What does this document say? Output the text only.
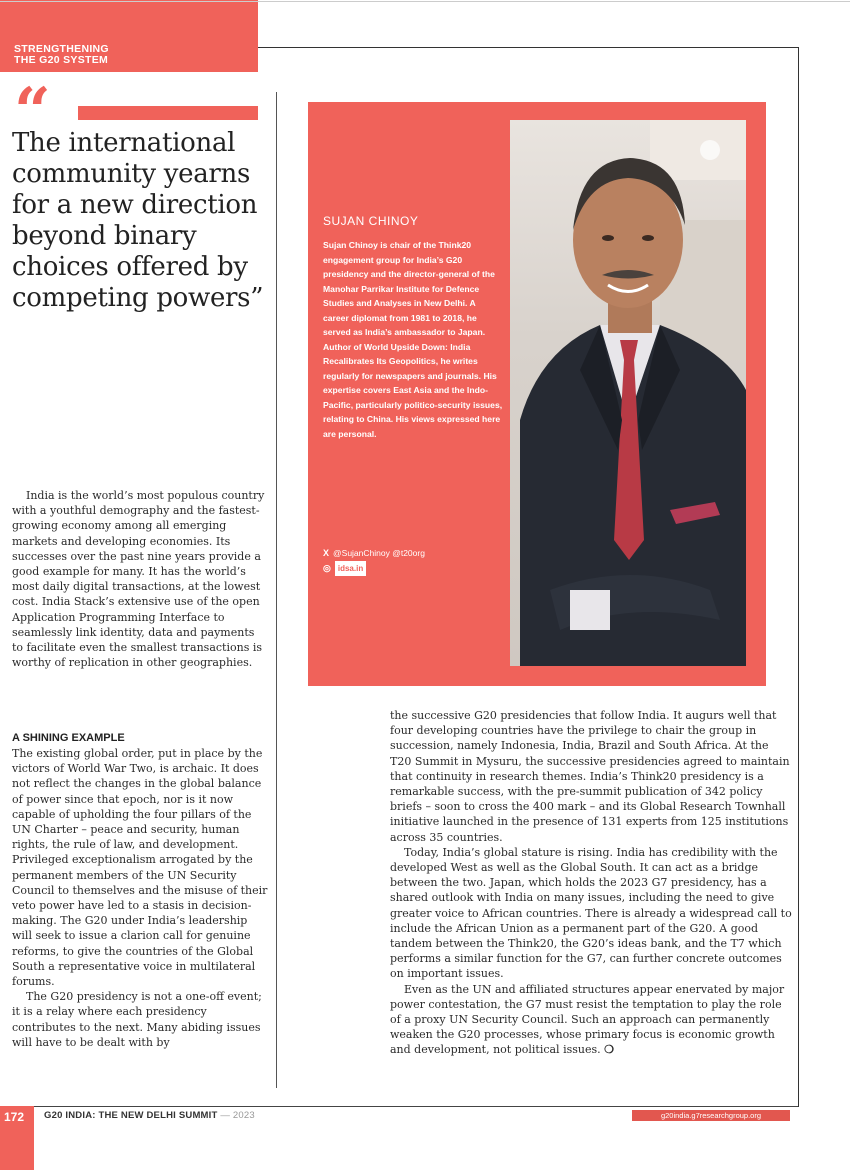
STRENGTHENING
THE G20 SYSTEM
“
The international community yearns for a new direction beyond binary choices offered by competing powers”

India is the world’s most populous country with a youthful demography and the fastest-growing economy among all emerging markets and developing economies. Its successes over the past nine years provide a good example for many. It has the world’s most daily digital transactions, at the lowest cost. India Stack’s extensive use of the open Application Programming Interface to seamlessly link identity, data and payments to facilitate even the smallest transactions is worthy of replication in other geographies.

A SHINING EXAMPLE

The existing global order, put in place by the victors of World War Two, is archaic. It does not reflect the changes in the global balance of power since that epoch, nor is it now capable of upholding the four pillars of the UN Charter – peace and security, human rights, the rule of law, and development. Privileged exceptionalism arrogated by the permanent members of the UN Security Council to themselves and the misuse of their veto power have led to a stasis in decision-making. The G20 under India’s leadership will seek to issue a clarion call for genuine reforms, to give the countries of the Global South a representative voice in multilateral forums.

The G20 presidency is not a one-off event; it is a relay where each presidency contributes to the next. Many abiding issues will have to be dealt with by

SUJAN CHINOY
Sujan Chinoy is chair of the Think20 engagement group for India’s G20 presidency and the director-general of the Manohar Parrikar Institute for Defence Studies and Analyses in New Delhi. A career diplomat from 1981 to 2018, he served as India’s ambassador to Japan. Author of World Upside Down: India Recalibrates Its Geopolitics, he writes regularly for newspapers and journals. His expertise covers East Asia and the Indo-Pacific, particularly politico-security issues, relating to China. His views expressed here are personal.
X @SujanChinoy @t20org
◎ idsa.in

the successive G20 presidencies that follow India. It augurs well that four developing countries have the privilege to chair the group in succession, namely Indonesia, India, Brazil and South Africa. At the T20 Summit in Mysuru, the successive presidencies agreed to maintain that continuity in research themes. India’s Think20 presidency is a remarkable success, with the pre-summit publication of 342 policy briefs – soon to cross the 400 mark – and its Global Research Townhall initiative launched in the presence of 131 experts from 125 institutions across 35 countries.

Today, India’s global stature is rising. India has credibility with the developed West as well as the Global South. It can act as a bridge between the two. Japan, which holds the 2023 G7 presidency, has a shared outlook with India on many issues, including the need to give greater voice to African countries. There is already a widespread call to include the African Union as a permanent part of the G20. A good tandem between the Think20, the G20’s ideas bank, and the T7 which performs a similar function for the G7, can further concrete outcomes on important issues.

Even as the UN and affiliated structures appear enervated by major power contestation, the G7 must resist the temptation to play the role of a proxy UN Security Council. Such an approach can permanently weaken the G20 processes, whose primary focus is economic growth and development, not political issues. ❍

172 G20 INDIA: THE NEW DELHI SUMMIT — 2023	g20india.g7researchgroup.org
